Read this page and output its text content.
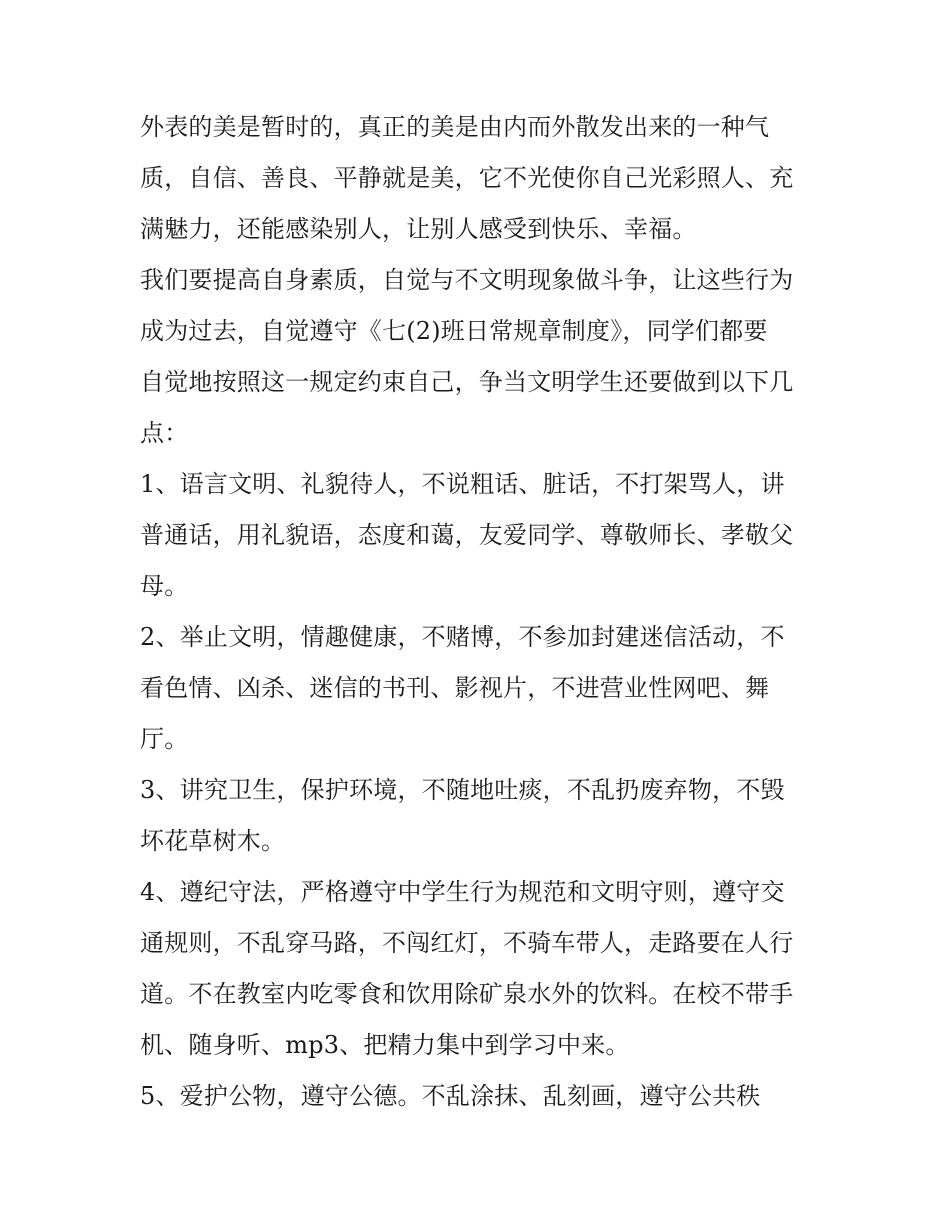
外表的美是暂时的，真正的美是由内而外散发出来的一种气
质，自信、善良、平静就是美，它不光使你自己光彩照人、充
满魅力，还能感染别人，让别人感受到快乐、幸福。
我们要提高自身素质，自觉与不文明现象做斗争，让这些行为
成为过去，自觉遵守《七(2)班日常规章制度》，同学们都要
自觉地按照这一规定约束自己，争当文明学生还要做到以下几
点：
1、语言文明、礼貌待人，不说粗话、脏话，不打架骂人，讲
普通话，用礼貌语，态度和蔼，友爱同学、尊敬师长、孝敬父
母。
2、举止文明，情趣健康，不赌博，不参加封建迷信活动，不
看色情、凶杀、迷信的书刊、影视片，不进营业性网吧、舞
厅。
3、讲究卫生，保护环境，不随地吐痰，不乱扔废弃物，不毁
坏花草树木。
4、遵纪守法，严格遵守中学生行为规范和文明守则，遵守交
通规则，不乱穿马路，不闯红灯，不骑车带人，走路要在人行
道。不在教室内吃零食和饮用除矿泉水外的饮料。在校不带手
机、随身听、mp3、把精力集中到学习中来。
5、爱护公物，遵守公德。不乱涂抹、乱刻画，遵守公共秩
